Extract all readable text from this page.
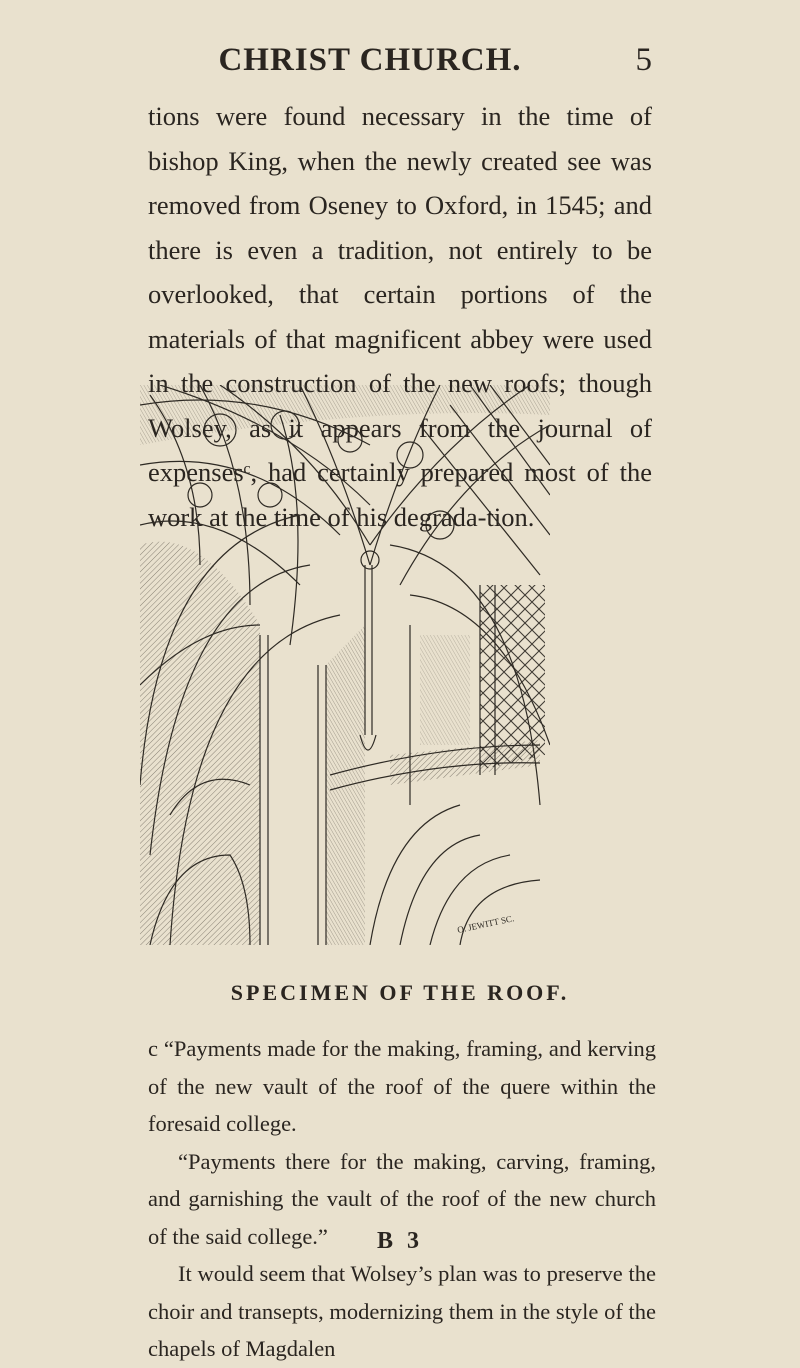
CHRIST CHURCH.	5

tions were found necessary in the time of bishop King, when the newly created see was removed from Oseney to Oxford, in 1545; and there is even a tradition, not entirely to be overlooked, that certain portions of the materials of that magnificent abbey were used in the construction of the new roofs; though Wolsey, as it appears from the journal of expensesᶜ, had certainly prepared most of the work at the time of his degrada-tion.

O. JEWITT SC.
SPECIMEN OF THE ROOF.

c “Payments made for the making, framing, and kerving of the new vault of the roof of the quere within the foresaid college.

“Payments there for the making, carving, framing, and garnishing the vault of the roof of the new church of the said college.”

It would seem that Wolsey’s plan was to preserve the choir and transepts, modernizing them in the style of the chapels of Magdalen

B 3
